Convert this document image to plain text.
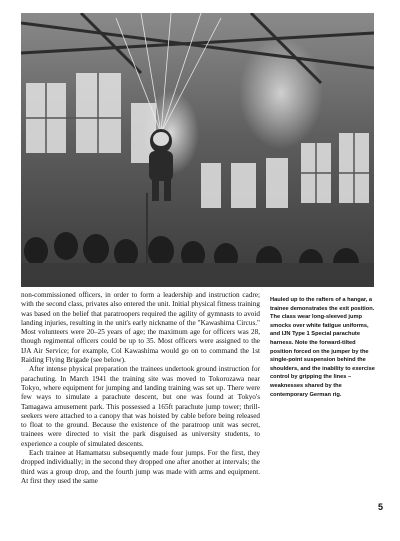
non-commissioned officers, in order to form a leadership and instruction cadre; with the second class, privates also entered the unit. Initial physical fitness training was based on the belief that paratroopers required the agility of gymnasts to avoid landing injuries, resulting in the unit's early nickname of the "Kawashima Circus." Most volunteers were 20–25 years of age; the maximum age for officers was 28, though regimental officers could be up to 35. Most officers were assigned to the IJA Air Service; for example, Col Kawashima would go on to command the 1st Raiding Flying Brigade (see below).

After intense physical preparation the trainees undertook ground instruction for parachuting. In March 1941 the training site was moved to Tokorozawa near Tokyo, where equipment for jumping and landing training was set up. There were few ways to simulate a parachute descent, but one was found at Tokyo's Tamagawa amusement park. This possessed a 165ft parachute jump tower; thrill-seekers were attached to a canopy that was hoisted by cable before being released to float to the ground. Because the existence of the paratroop unit was secret, trainees were directed to visit the park disguised as university students, to experience a couple of simulated descents.

Each trainee at Hamamatsu subsequently made four jumps. For the first, they dropped individually; in the second they dropped one after another at intervals; the third was a group drop, and the fourth jump was made with arms and equipment. At first they used the same

Hauled up to the rafters of a hangar, a trainee demonstrates the exit position. The class wear long-sleeved jump smocks over white fatigue uniforms, and IJN Type 1 Special parachute harness. Note the forward-tilted position forced on the jumper by the single-point suspension behind the shoulders, and the inability to exercise control by gripping the lines – weaknesses shared by the contemporary German rig.

5
